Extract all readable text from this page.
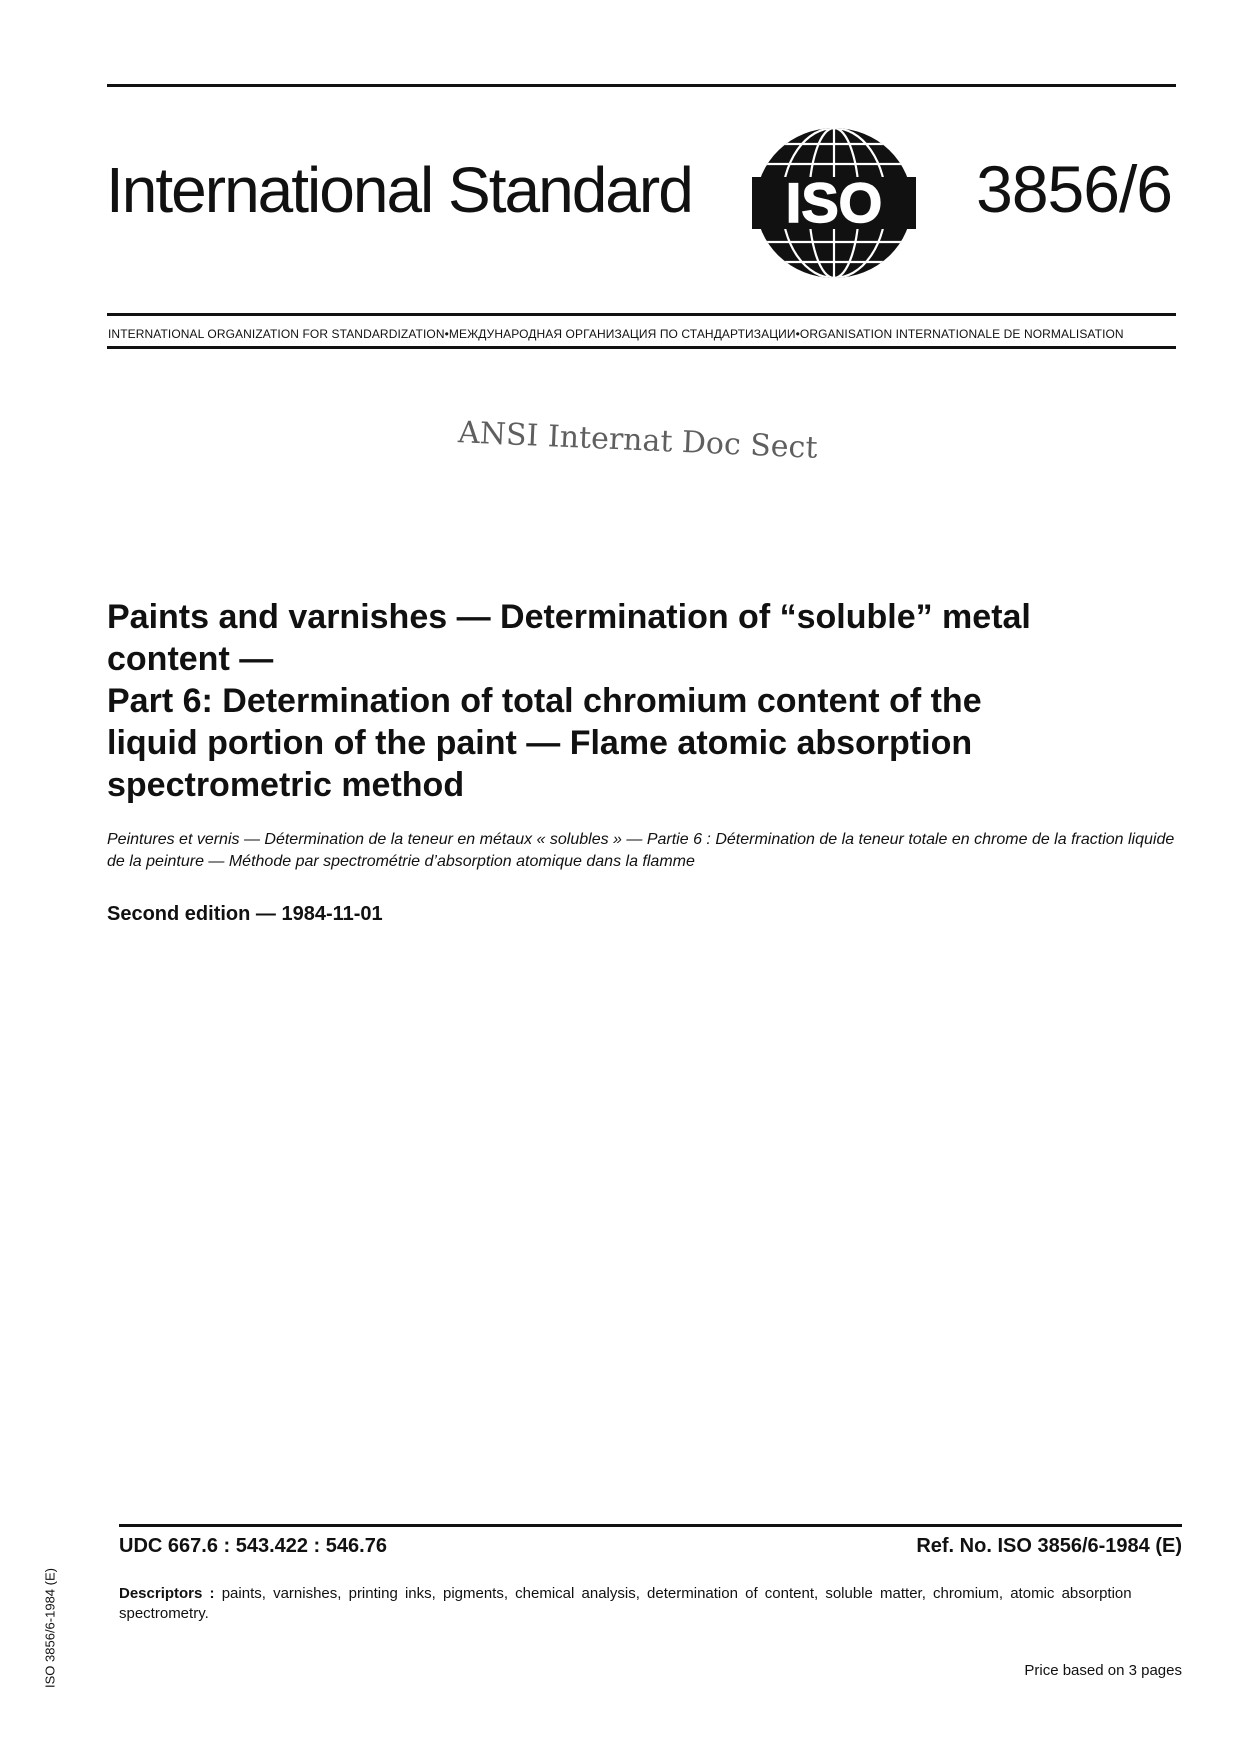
International Standard ISO 3856/6
INTERNATIONAL ORGANIZATION FOR STANDARDIZATION•МЕЖДУНАРОДНАЯ ОРГАНИЗАЦИЯ ПО СТАНДАРТИЗАЦИИ•ORGANISATION INTERNATIONALE DE NORMALISATION
ANSI Internat Doc Sect
Paints and varnishes — Determination of “soluble” metal
content —
Part 6: Determination of total chromium content of the
liquid portion of the paint — Flame atomic absorption
spectrometric method
Peintures et vernis — Détermination de la teneur en métaux « solubles » — Partie 6 : Détermination de la teneur totale en chrome de la fraction liquide de la peinture — Méthode par spectrométrie d’absorption atomique dans la flamme
Second edition — 1984-11-01
UDC 667.6 : 543.422 : 546.76	Ref. No. ISO 3856/6-1984 (E)
Descriptors : paints, varnishes, printing inks, pigments, chemical analysis, determination of content, soluble matter, chromium, atomic absorption spectrometry.
Price based on 3 pages
ISO 3856/6-1984 (E)
